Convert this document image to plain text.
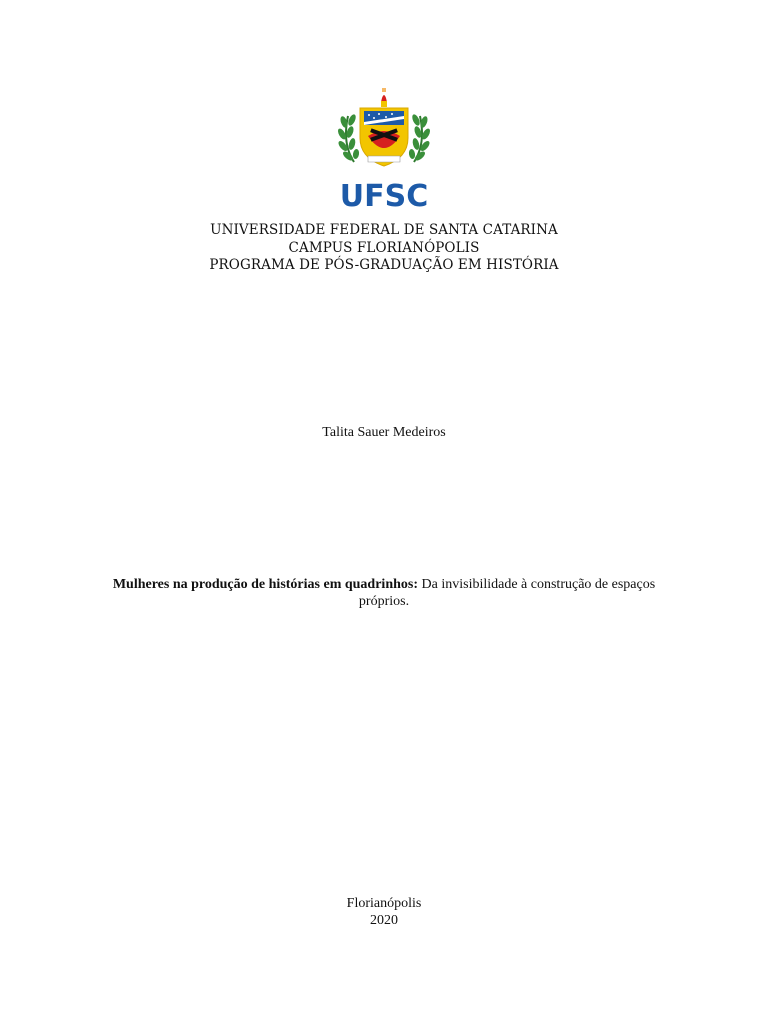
UFSC
UNIVERSIDADE FEDERAL DE SANTA CATARINA
CAMPUS FLORIANÓPOLIS
PROGRAMA DE PÓS-GRADUAÇÃO EM HISTÓRIA
Talita Sauer Medeiros
Mulheres na produção de histórias em quadrinhos: Da invisibilidade à construção de espaços próprios.
Florianópolis
2020
